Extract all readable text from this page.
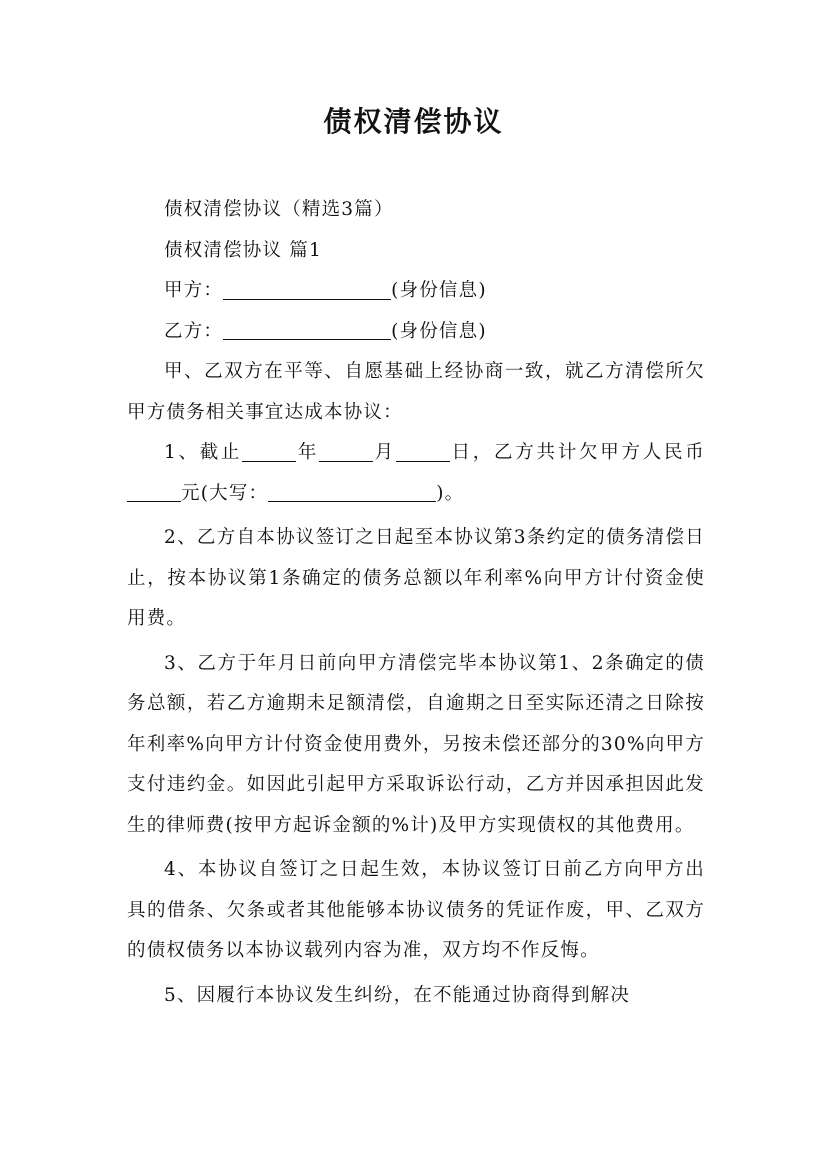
债权清偿协议

债权清偿协议（精选3篇）

债权清偿协议 篇1

甲方：	(身份信息)

乙方：	(身份信息)

甲、乙双方在平等、自愿基础上经协商一致，就乙方清偿所欠甲方债务相关事宜达成本协议：

1、截止	年	月	日，乙方共计欠甲方人民币元(大写：	)。

2、乙方自本协议签订之日起至本协议第3条约定的债务清偿日止，按本协议第1条确定的债务总额以年利率%向甲方计付资金使用费。

3、乙方于年月日前向甲方清偿完毕本协议第1、2条确定的债务总额，若乙方逾期未足额清偿，自逾期之日至实际还清之日除按年利率%向甲方计付资金使用费外，另按未偿还部分的30%向甲方支付违约金。如因此引起甲方采取诉讼行动，乙方并因承担因此发生的律师费(按甲方起诉金额的%计)及甲方实现债权的其他费用。

4、本协议自签订之日起生效，本协议签订日前乙方向甲方出具的借条、欠条或者其他能够本协议债务的凭证作废，甲、乙双方的债权债务以本协议载列内容为准，双方均不作反悔。

5、因履行本协议发生纠纷，在不能通过协商得到解决
